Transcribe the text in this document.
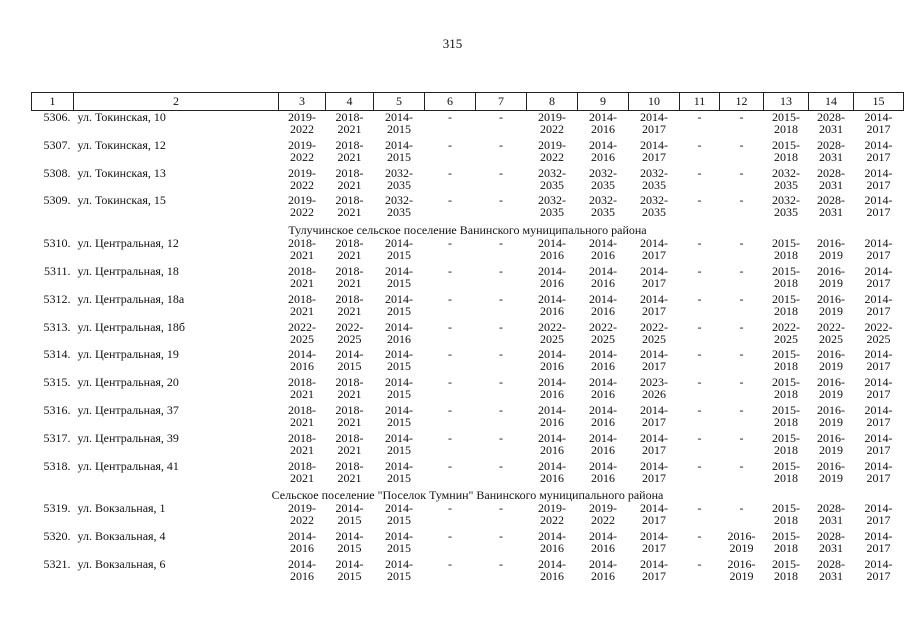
315
1	2	3	4	5	6	7	8	9	10	11	12	13	14	15
5306.	ул. Токинская, 10	2019-
2022	2018-
2021	2014-
2015	-	-	2019-
2022	2014-
2016	2014-
2017	-	-	2015-
2018	2028-
2031	2014-
2017
5307.	ул. Токинская, 12	2019-
2022	2018-
2021	2014-
2015	-	-	2019-
2022	2014-
2016	2014-
2017	-	-	2015-
2018	2028-
2031	2014-
2017
5308.	ул. Токинская, 13	2019-
2022	2018-
2021	2032-
2035	-	-	2032-
2035	2032-
2035	2032-
2035	-	-	2032-
2035	2028-
2031	2014-
2017
5309.	ул. Токинская, 15	2019-
2022	2018-
2021	2032-
2035	-	-	2032-
2035	2032-
2035	2032-
2035	-	-	2032-
2035	2028-
2031	2014-
2017
Тулучинское сельское поселение Ванинского муниципального района														
5310.	ул. Центральная, 12	2018-
2021	2018-
2021	2014-
2015	-	-	2014-
2016	2014-
2016	2014-
2017	-	-	2015-
2018	2016-
2019	2014-
2017
5311.	ул. Центральная, 18	2018-
2021	2018-
2021	2014-
2015	-	-	2014-
2016	2014-
2016	2014-
2017	-	-	2015-
2018	2016-
2019	2014-
2017
5312.	ул. Центральная, 18а	2018-
2021	2018-
2021	2014-
2015	-	-	2014-
2016	2014-
2016	2014-
2017	-	-	2015-
2018	2016-
2019	2014-
2017
5313.	ул. Центральная, 18б	2022-
2025	2022-
2025	2014-
2016	-	-	2022-
2025	2022-
2025	2022-
2025	-	-	2022-
2025	2022-
2025	2022-
2025
5314.	ул. Центральная, 19	2014-
2016	2014-
2015	2014-
2015	-	-	2014-
2016	2014-
2016	2014-
2017	-	-	2015-
2018	2016-
2019	2014-
2017
5315.	ул. Центральная, 20	2018-
2021	2018-
2021	2014-
2015	-	-	2014-
2016	2014-
2016	2023-
2026	-	-	2015-
2018	2016-
2019	2014-
2017
5316.	ул. Центральная, 37	2018-
2021	2018-
2021	2014-
2015	-	-	2014-
2016	2014-
2016	2014-
2017	-	-	2015-
2018	2016-
2019	2014-
2017
5317.	ул. Центральная, 39	2018-
2021	2018-
2021	2014-
2015	-	-	2014-
2016	2014-
2016	2014-
2017	-	-	2015-
2018	2016-
2019	2014-
2017
5318.	ул. Центральная, 41	2018-
2021	2018-
2021	2014-
2015	-	-	2014-
2016	2014-
2016	2014-
2017	-	-	2015-
2018	2016-
2019	2014-
2017
Сельское поселение "Поселок Тумнин" Ванинского муниципального района														
5319.	ул. Вокзальная, 1	2019-
2022	2014-
2015	2014-
2015	-	-	2019-
2022	2019-
2022	2014-
2017	-	-	2015-
2018	2028-
2031	2014-
2017
5320.	ул. Вокзальная, 4	2014-
2016	2014-
2015	2014-
2015	-	-	2014-
2016	2014-
2016	2014-
2017	-	2016-
2019	2015-
2018	2028-
2031	2014-
2017
5321.	ул. Вокзальная, 6	2014-
2016	2014-
2015	2014-
2015	-	-	2014-
2016	2014-
2016	2014-
2017	-	2016-
2019	2015-
2018	2028-
2031	2014-
2017
